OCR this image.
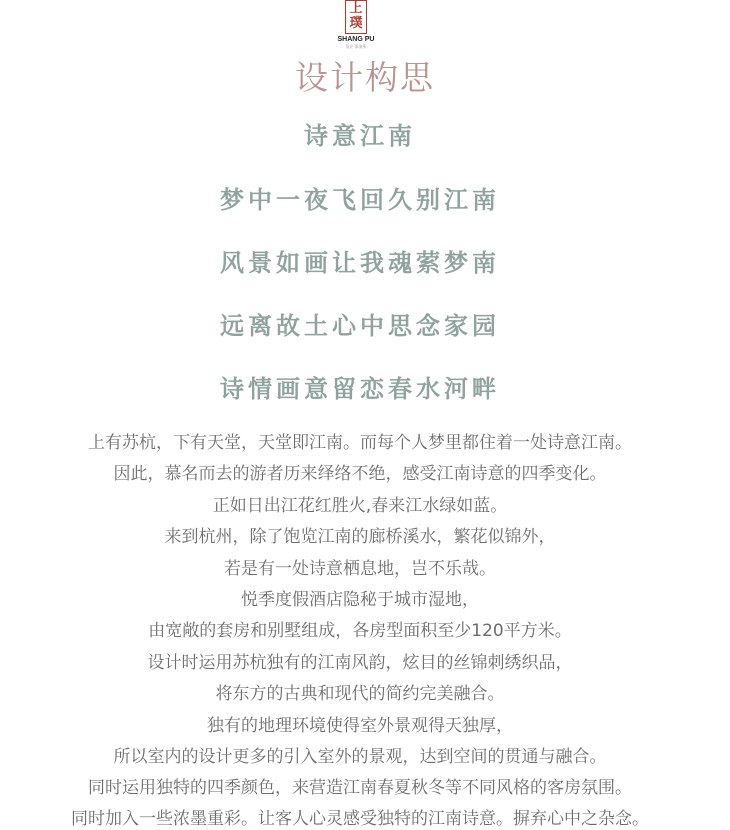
上
璞
SHANG PU
设计 事务所
设计构思
诗意江南
梦中一夜飞回久别江南
风景如画让我魂萦梦南
远离故土心中思念家园
诗情画意留恋春水河畔
上有苏杭，下有天堂，天堂即江南。而每个人梦里都住着一处诗意江南。
因此，慕名而去的游者历来绎络不绝，感受江南诗意的四季变化。
正如日出江花红胜火,春来江水绿如蓝。
来到杭州，除了饱览江南的廊桥溪水，繁花似锦外，
若是有一处诗意栖息地，岂不乐哉。
悦季度假酒店隐秘于城市湿地，
由宽敞的套房和别墅组成，各房型面积至少120平方米。
设计时运用苏杭独有的江南风韵，炫目的丝锦刺绣织品，
将东方的古典和现代的简约完美融合。
独有的地理环境使得室外景观得天独厚，
所以室内的设计更多的引入室外的景观，达到空间的贯通与融合。
同时运用独特的四季颜色，来营造江南春夏秋冬等不同风格的客房氛围。
同时加入一些浓墨重彩。让客人心灵感受独特的江南诗意。摒弃心中之杂念。
